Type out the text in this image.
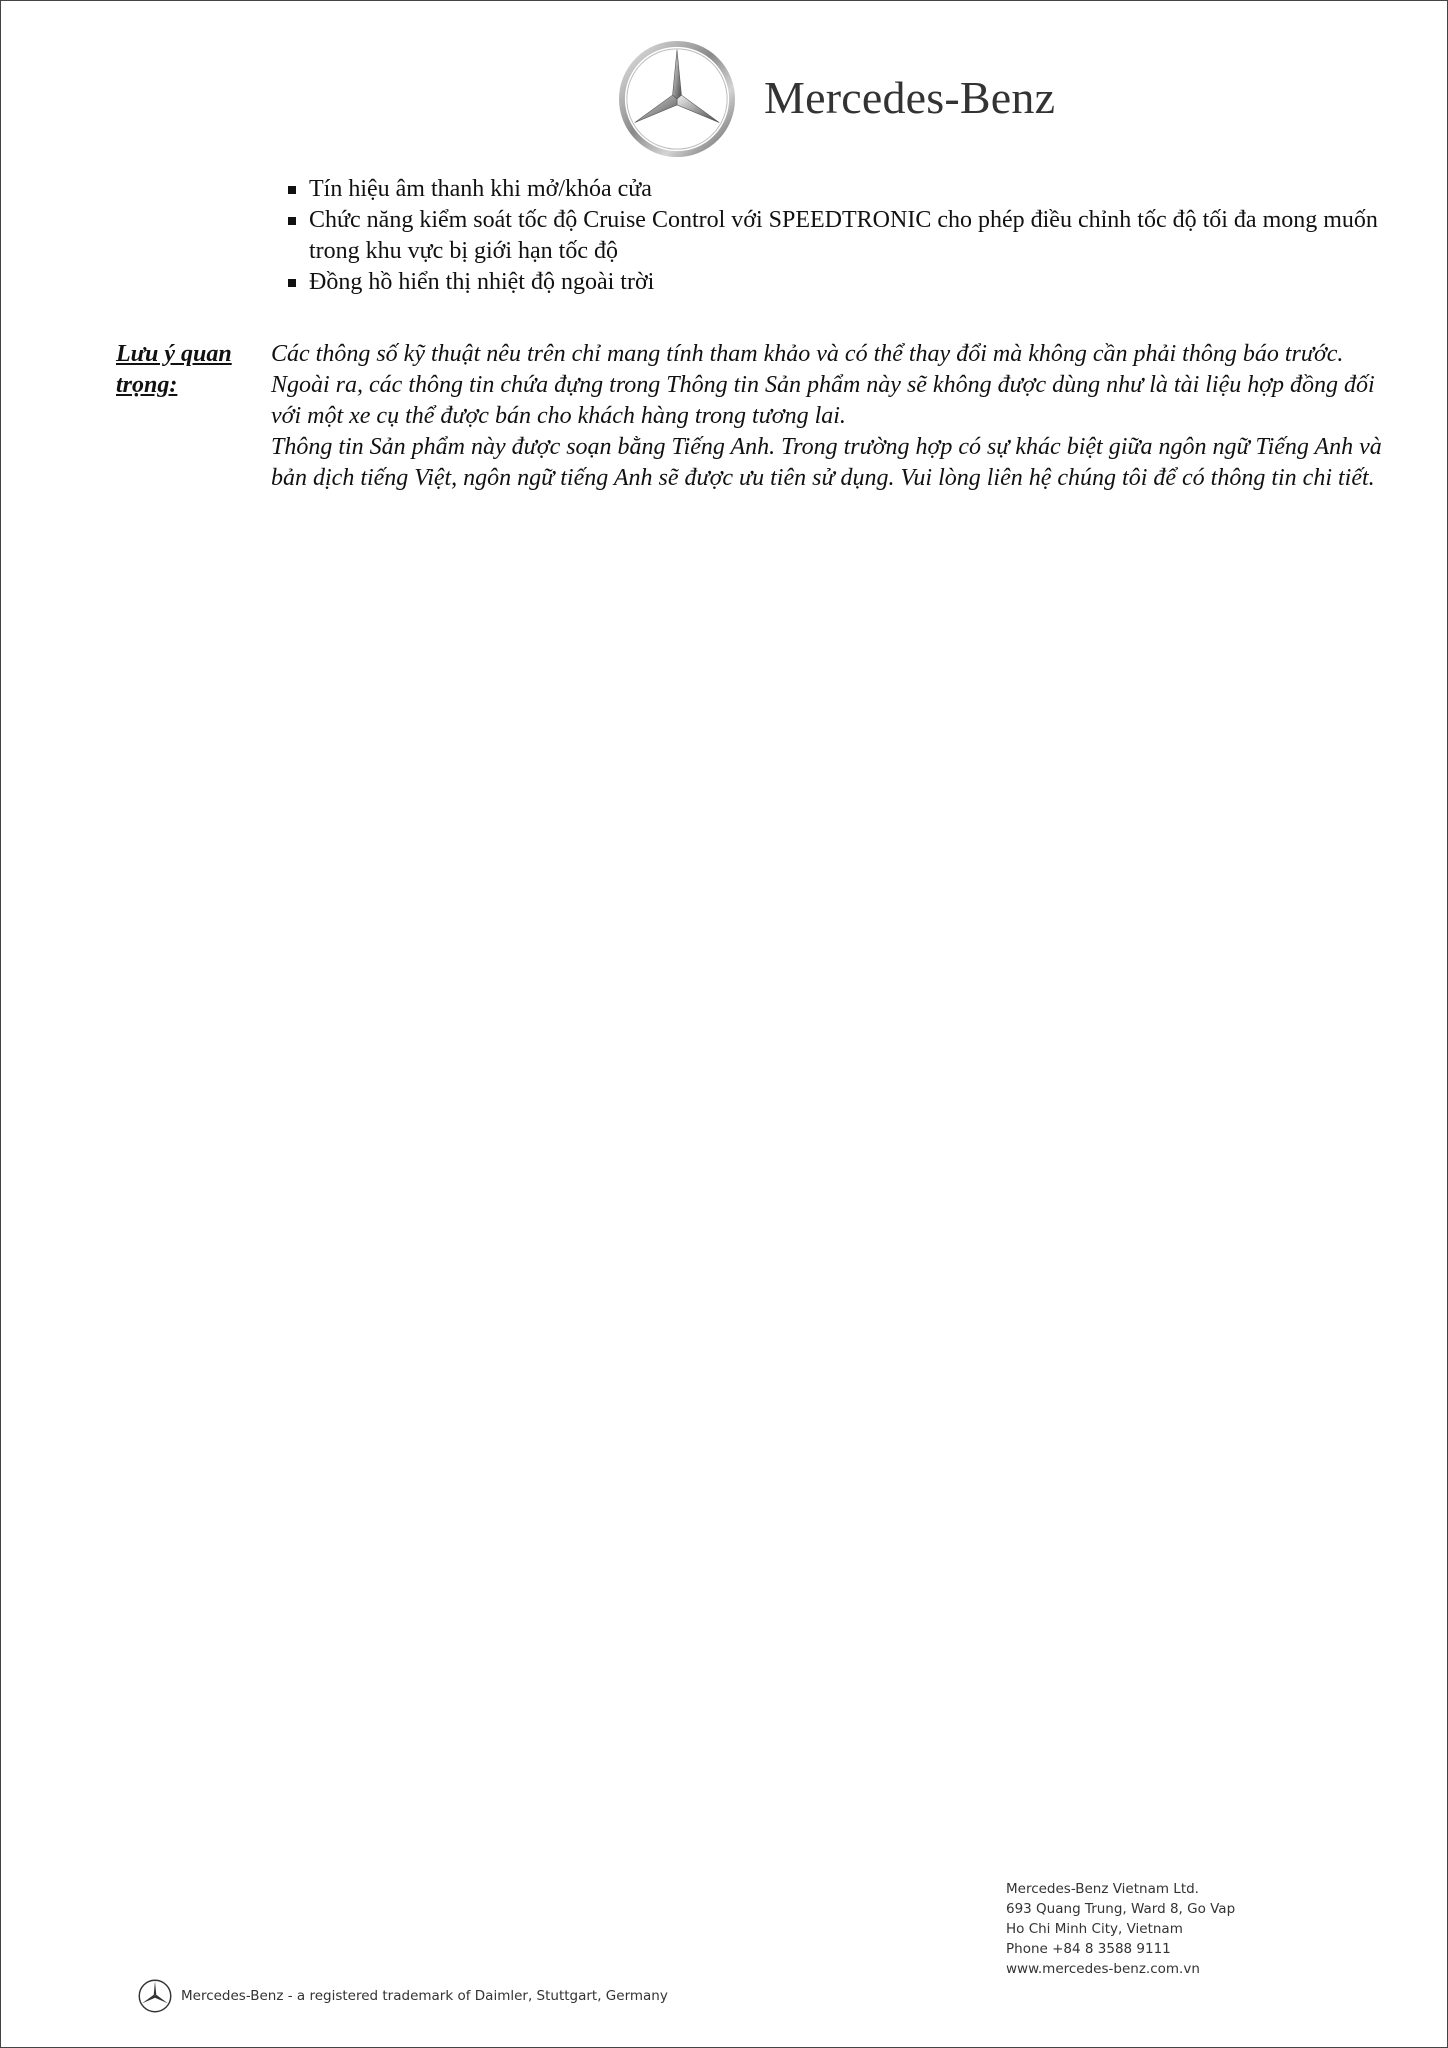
Mercedes-Benz
Tín hiệu âm thanh khi mở/khóa cửa
Chức năng kiểm soát tốc độ Cruise Control với SPEEDTRONIC cho phép điều chỉnh tốc độ tối đa mong muốn trong khu vực bị giới hạn tốc độ
Đồng hồ hiển thị nhiệt độ ngoài trời
Lưu ý quan trọng:

Các thông số kỹ thuật nêu trên chỉ mang tính tham khảo và có thể thay đổi mà không cần phải thông báo trước. Ngoài ra, các thông tin chứa đựng trong Thông tin Sản phẩm này sẽ không được dùng như là tài liệu hợp đồng đối với một xe cụ thể được bán cho khách hàng trong tương lai.

Thông tin Sản phẩm này được soạn bằng Tiếng Anh. Trong trường hợp có sự khác biệt giữa ngôn ngữ Tiếng Anh và bản dịch tiếng Việt, ngôn ngữ tiếng Anh sẽ được ưu tiên sử dụng. Vui lòng liên hệ chúng tôi để có thông tin chi tiết.

Mercedes-Benz Vietnam Ltd.
693 Quang Trung, Ward 8, Go Vap
Ho Chi Minh City, Vietnam
Phone +84 8 3588 9111
www.mercedes-benz.com.vn
Mercedes-Benz - a registered trademark of Daimler, Stuttgart, Germany
